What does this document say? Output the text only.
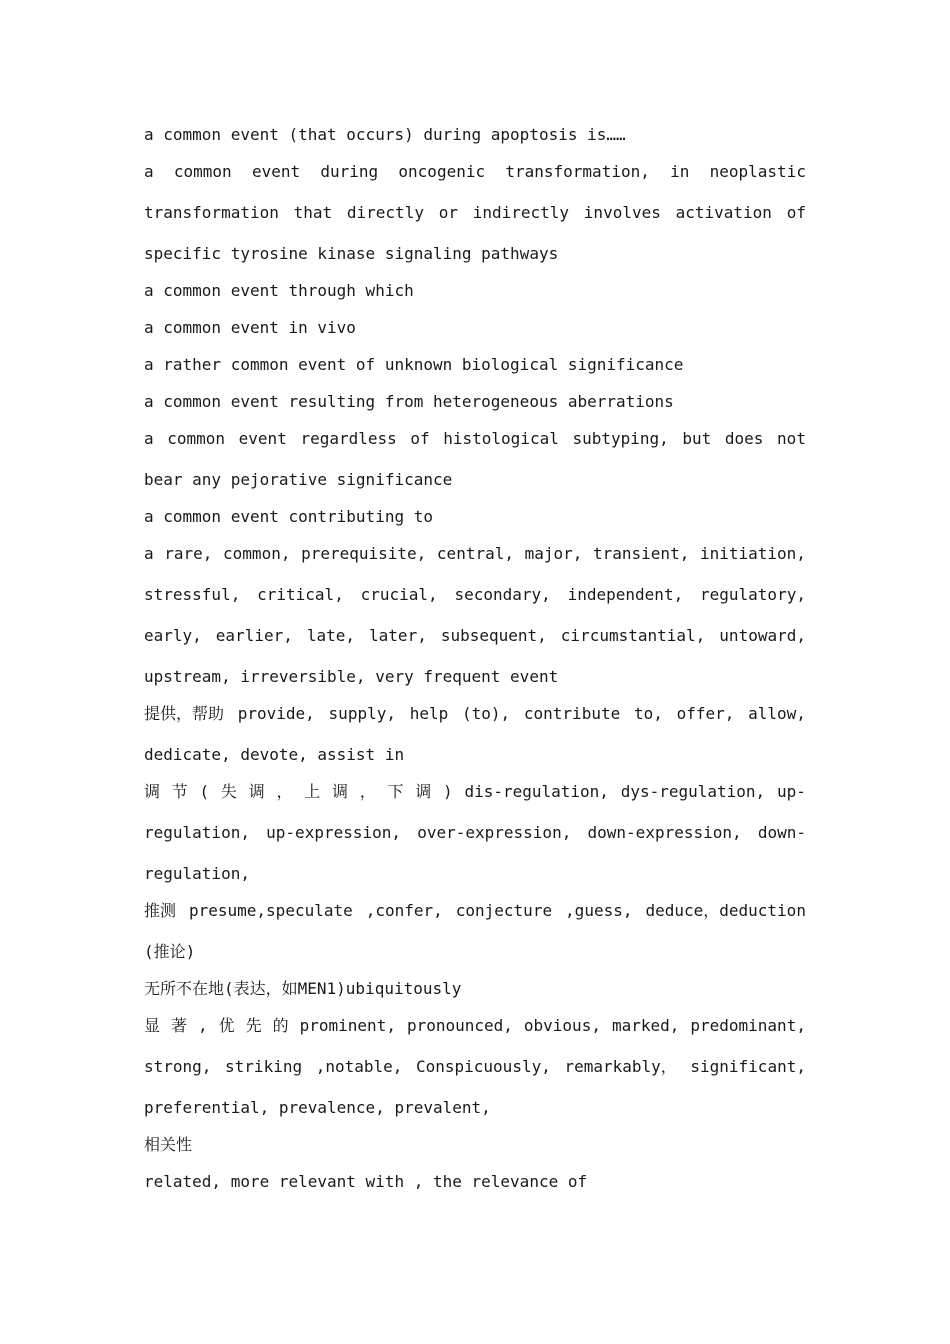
a common event (that occurs) during apoptosis is……

a common event during oncogenic transformation, in neoplastic
transformation that directly or indirectly involves activation of
specific tyrosine kinase signaling pathways

a common event through which

a common event in vivo

a rather common event of unknown biological significance

a common event resulting from heterogeneous aberrations

a common event regardless of histological subtyping, but does not
bear any pejorative significance

a common event contributing to

a rare, common, prerequisite, central, major, transient, initiation,
stressful, critical, crucial, secondary, independent, regulatory,
early, earlier, late, later, subsequent, circumstantial, untoward,
upstream, irreversible, very frequent event

提供，帮助 provide, supply, help (to), contribute to, offer, allow,
dedicate, devote, assist in

调 节 ( 失 调 ， 上 调 ， 下 调 ) dis-regulation, dys-regulation, up-
regulation, up-expression, over-expression, down-expression, down-
regulation,

推测 presume,speculate ,confer, conjecture ,guess, deduce，deduction
(推论)

无所不在地(表达，如MEN1)ubiquitously

显 著 , 优 先 的 prominent, pronounced, obvious, marked, predominant,
strong, striking ,notable, Conspicuously, remarkably， significant,
preferential, prevalence, prevalent,

相关性

related, more relevant with , the relevance of
